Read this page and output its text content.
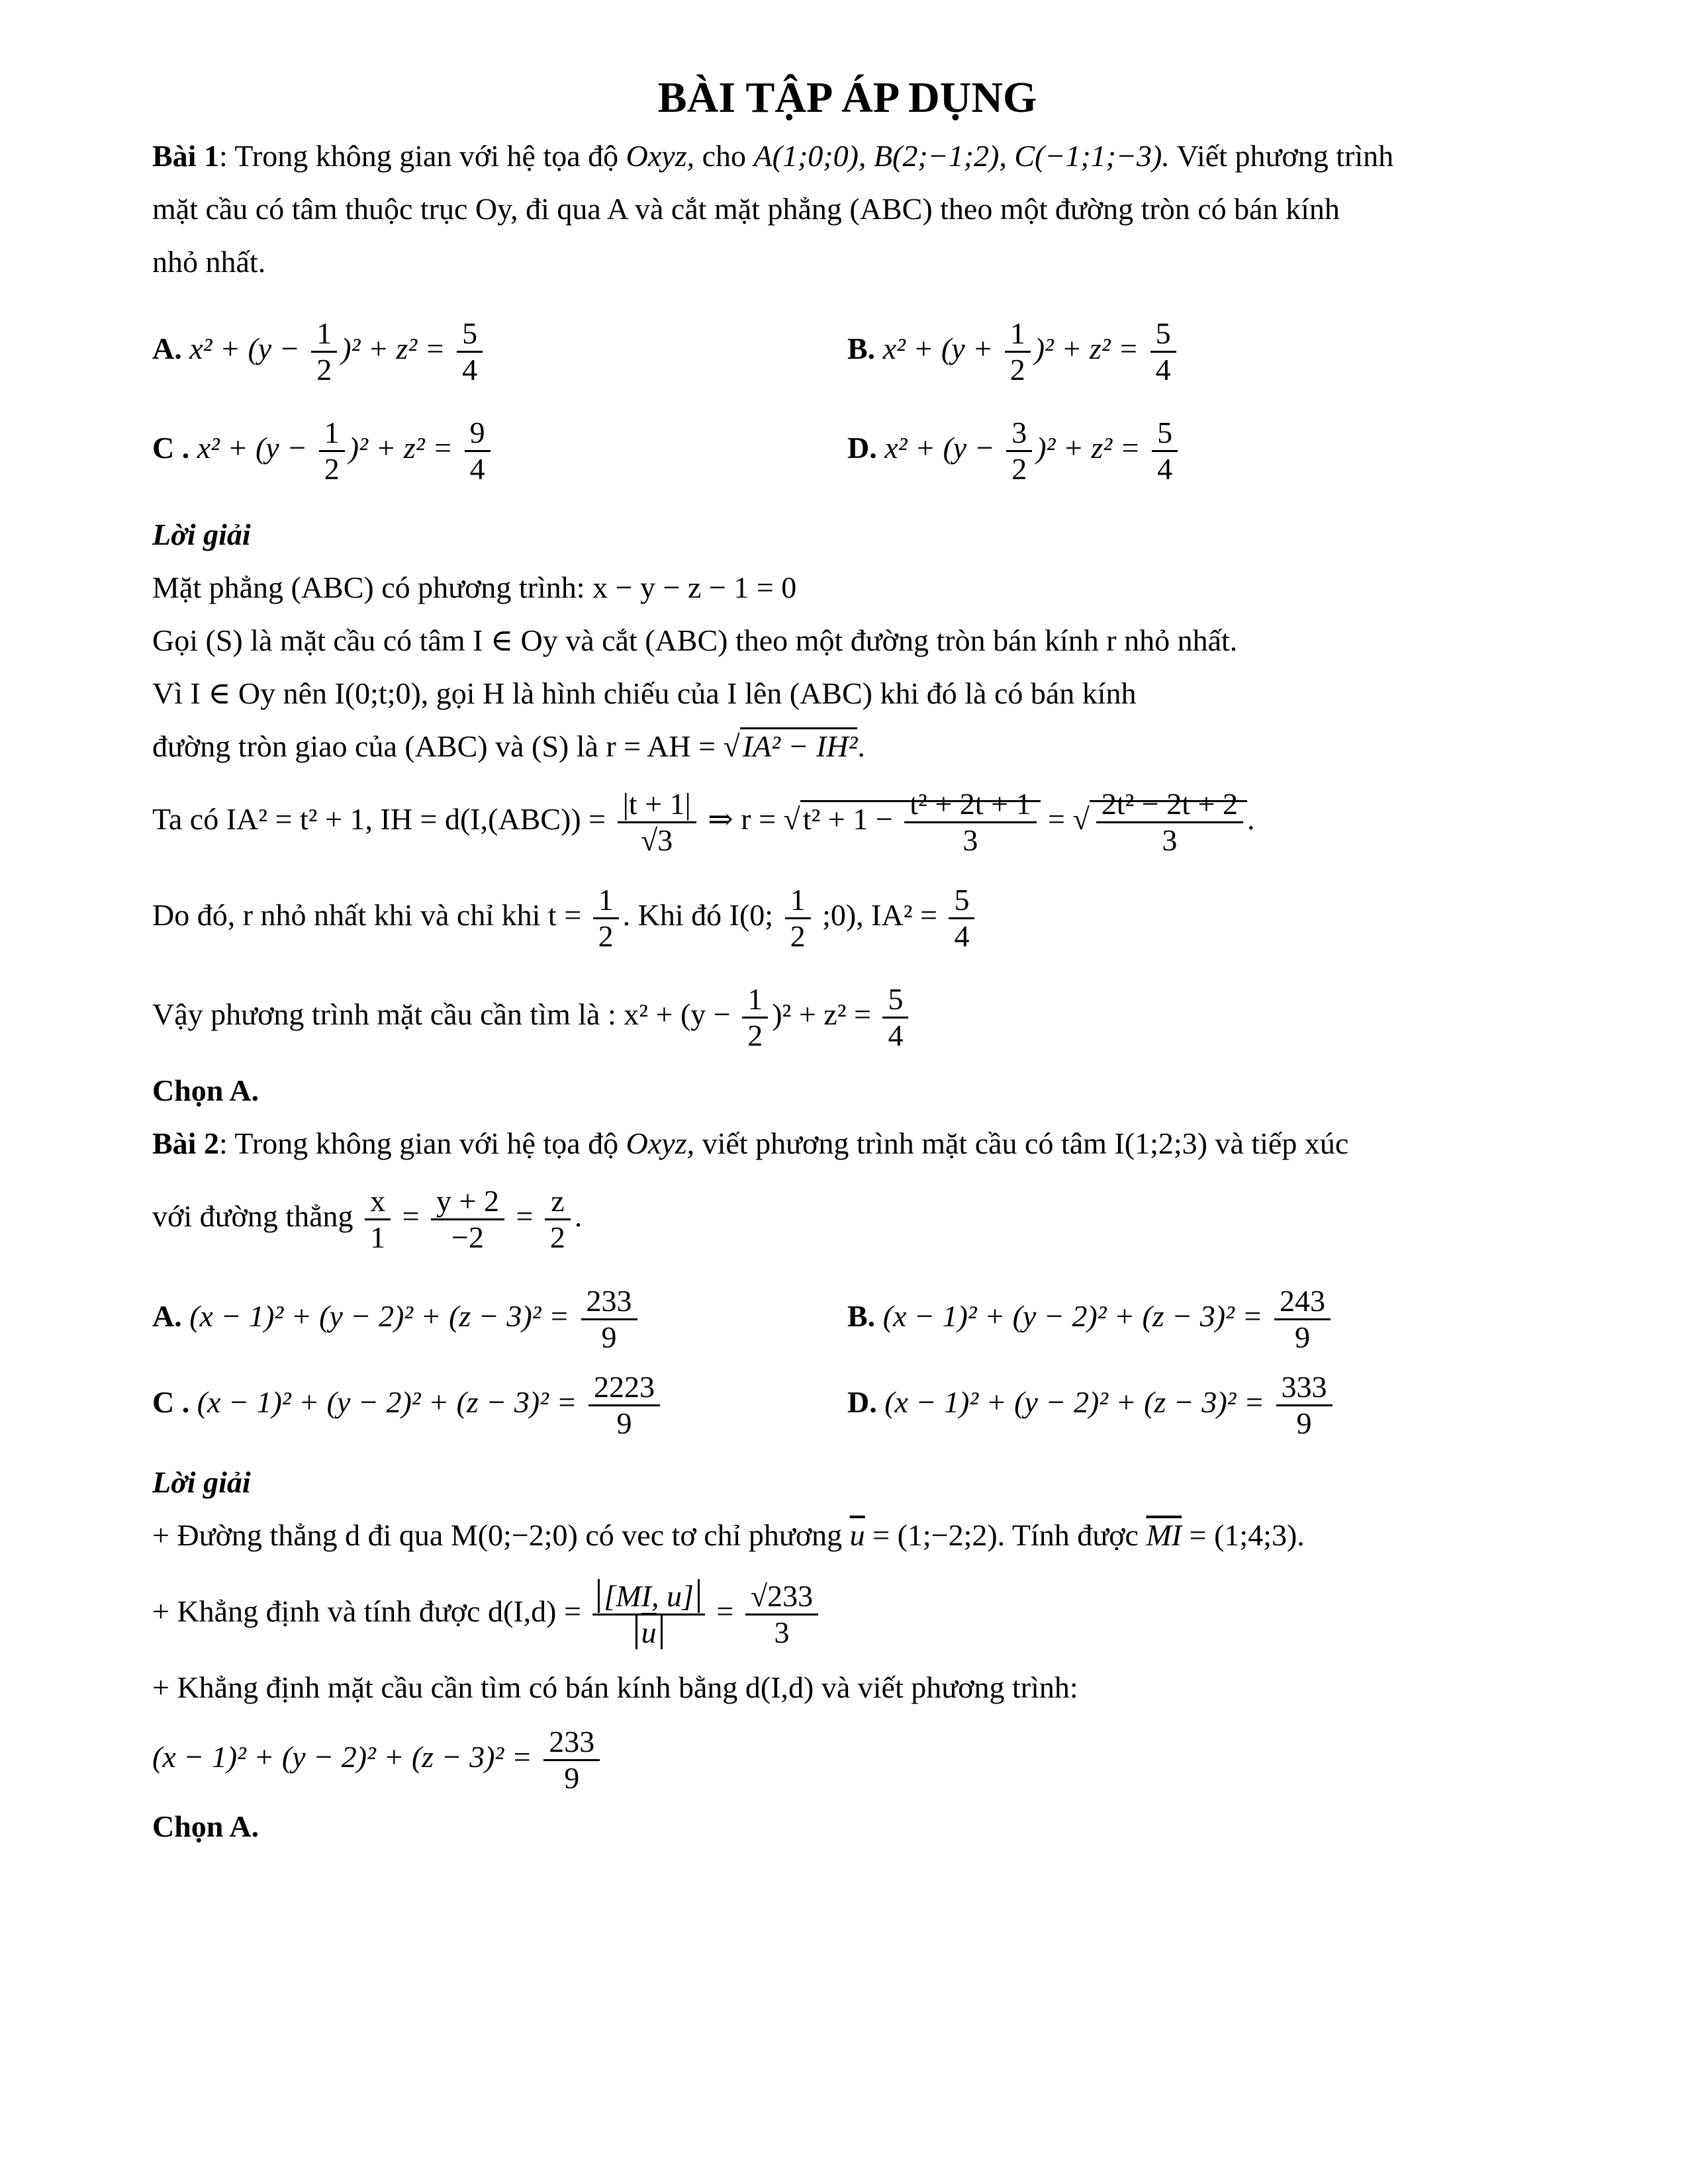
BÀI TẬP ÁP DỤNG

Bài 1: Trong không gian với hệ tọa độ Oxyz, cho A(1;0;0), B(2;−1;2), C(−1;1;−3). Viết phương trình

mặt cầu có tâm thuộc trục Oy, đi qua A và cắt mặt phẳng (ABC) theo một đường tròn có bán kính

nhỏ nhất.

A. $x^2 + (y - \frac{1}{2} )^2 + z^2 = \frac{5}{4}$	B. $x^2 + (y + \frac{1}{2} )^2 + z^2 = \frac{5}{4}$
C . $x^2 + (y - \frac{1}{2} )^2 + z^2 = \frac{9}{4}$	D. $x^2 + (y - \frac{3}{2} )^2 + z^2 = \frac{5}{4}$

Lời giải

Mặt phẳng (ABC) có phương trình: x − y − z − 1 = 0

Gọi (S) là mặt cầu có tâm I ∈ Oy và cắt (ABC) theo một đường tròn bán kính r nhỏ nhất.

Vì I ∈ Oy nên I(0;t;0), gọi H là hình chiếu của I lên (ABC) khi đó là có bán kính

đường tròn giao của (ABC) và (S) là r = AH = √IA² − IH².

Ta có IA² = t² + 1, IH = $d(I,(ABC)) = \frac{|t + 1|}{√3}$ ⇒ $r = √t^2 + 1 - \frac{\text{t² + 2t + 1}}{3}$ = √ $\frac{\text{2t² − 2t + 2}}{3}$ .

Do đó, r nhỏ nhất khi và chỉ khi $t = \frac{1}{2}$ . Khi đó I(0; $\frac{1}{2}$ ;0), $IA^2 = \frac{5}{4}$

Vậy phương trình mặt cầu cần tìm là : $x^2 + (y - \frac{1}{2} )^2 + z^2 = \frac{5}{4}$

Chọn A.

Bài 2: Trong không gian với hệ tọa độ Oxyz, viết phương trình mặt cầu có tâm I(1;2;3) và tiếp xúc

với đường thẳng $\frac{x}{1} = \frac{y + 2}{-2} = \frac{z}{2}$ .

A. $(x - 1)^2 + (y - 2)^2 + (z - 3)^2 = \frac{233}{9}$	B. $(x - 1)^2 + (y - 2)^2 + (z - 3)^2 = \frac{243}{9}$
C . $(x - 1)^2 + (y - 2)^2 + (z - 3)^2 = \frac{2223}{9}$	D. $(x - 1)^2 + (y - 2)^2 + (z - 3)^2 = \frac{333}{9}$

Lời giải

+ Đường thẳng d đi qua M(0;−2;0) có vec tơ chỉ phương $\overline{u}$ = (1;−2;2). Tính được $\overline{MI}$ = (1;4;3).

+ Khẳng định và tính được $d(I,d) = \frac{[MI, u]}{u} = \frac{√233}{3}$

+ Khẳng định mặt cầu cần tìm có bán kính bằng d(I,d) và viết phương trình:

$(x - 1)^2 + (y - 2)^2 + (z - 3)^2 = \frac{233}{9}$

Chọn A.
